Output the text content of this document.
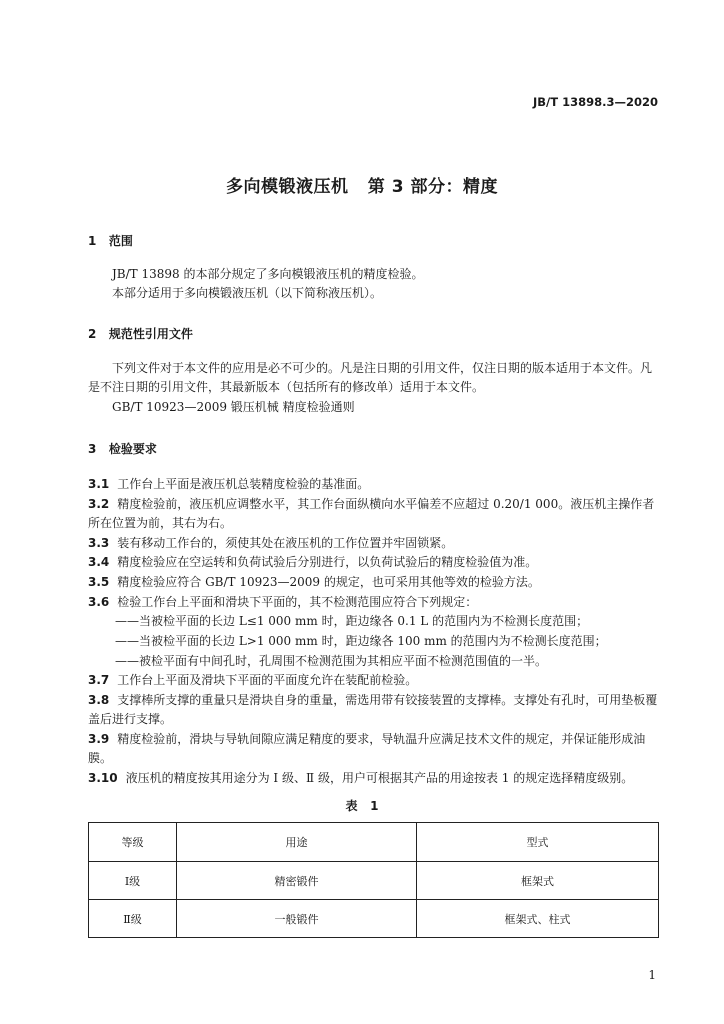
JB/T 13898.3—2020
多向模锻液压机   第 3 部分：精度
1   范围
JB/T 13898 的本部分规定了多向模锻液压机的精度检验。
本部分适用于多向模锻液压机（以下简称液压机）。
2   规范性引用文件
下列文件对于本文件的应用是必不可少的。凡是注日期的引用文件，仅注日期的版本适用于本文件。凡是不注日期的引用文件，其最新版本（包括所有的修改单）适用于本文件。
GB/T 10923—2009 锻压机械 精度检验通则
3   检验要求
3.1 工作台上平面是液压机总装精度检验的基准面。
3.2 精度检验前，液压机应调整水平，其工作台面纵横向水平偏差不应超过 0.20/1 000。液压机主操作者所在位置为前，其右为右。
3.3 装有移动工作台的，须使其处在液压机的工作位置并牢固锁紧。
3.4 精度检验应在空运转和负荷试验后分别进行，以负荷试验后的精度检验值为准。
3.5 精度检验应符合 GB/T 10923—2009 的规定，也可采用其他等效的检验方法。
3.6 检验工作台上平面和滑块下平面的，其不检测范围应符合下列规定：
——当被检平面的长边 L≤1 000 mm 时，距边缘各 0.1 L 的范围内为不检测长度范围；
——当被检平面的长边 L>1 000 mm 时，距边缘各 100 mm 的范围内为不检测长度范围；
——被检平面有中间孔时，孔周围不检测范围为其相应平面不检测范围值的一半。
3.7 工作台上平面及滑块下平面的平面度允许在装配前检验。
3.8 支撑棒所支撑的重量只是滑块自身的重量，需选用带有铰接装置的支撑棒。支撑处有孔时，可用垫板覆盖后进行支撑。
3.9 精度检验前，滑块与导轨间隙应满足精度的要求，导轨温升应满足技术文件的规定，并保证能形成油膜。
3.10 液压机的精度按其用途分为 Ⅰ 级、Ⅱ 级，用户可根据其产品的用途按表 1 的规定选择精度级别。
表   1
等级	用途	型式
Ⅰ级	精密锻件	框架式
Ⅱ级	一般锻件	框架式、柱式
1
